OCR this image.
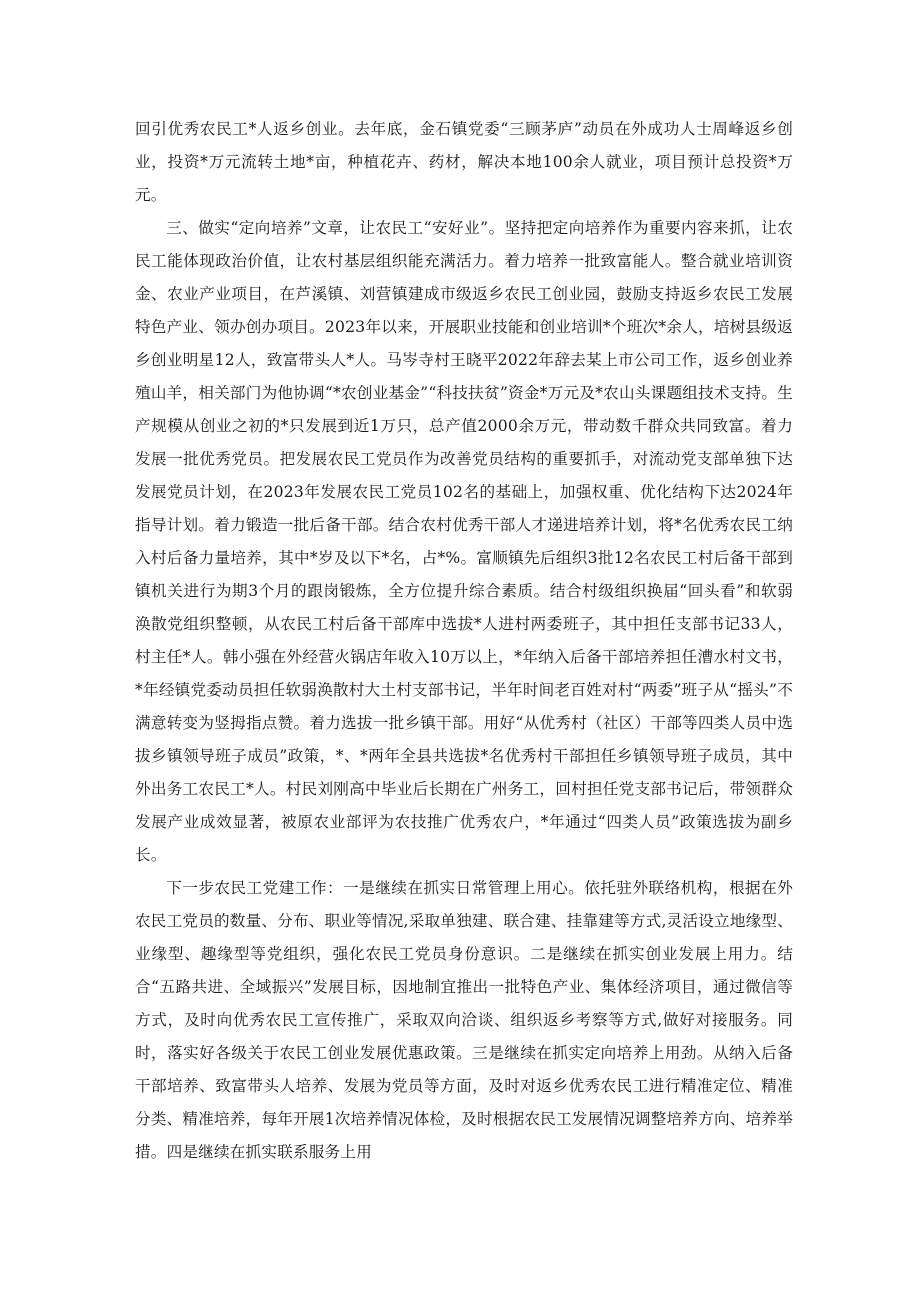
回引优秀农民工*人返乡创业。去年底，金石镇党委“三顾茅庐”动员在外成功人士周峰返乡创业，投资*万元流转土地*亩，种植花卉、药材，解决本地100余人就业，项目预计总投资*万元。

三、做实“定向培养”文章，让农民工“安好业”。坚持把定向培养作为重要内容来抓，让农民工能体现政治价值，让农村基层组织能充满活力。着力培养一批致富能人。整合就业培训资金、农业产业项目，在芦溪镇、刘营镇建成市级返乡农民工创业园，鼓励支持返乡农民工发展特色产业、领办创办项目。2023年以来，开展职业技能和创业培训*个班次*余人，培树县级返乡创业明星12人，致富带头人*人。马岑寺村王晓平2022年辞去某上市公司工作，返乡创业养殖山羊，相关部门为他协调“*农创业基金”“科技扶贫”资金*万元及*农山头课题组技术支持。生产规模从创业之初的*只发展到近1万只，总产值2000余万元，带动数千群众共同致富。着力发展一批优秀党员。把发展农民工党员作为改善党员结构的重要抓手，对流动党支部单独下达发展党员计划，在2023年发展农民工党员102名的基础上，加强权重、优化结构下达2024年指导计划。着力锻造一批后备干部。结合农村优秀干部人才递进培养计划，将*名优秀农民工纳入村后备力量培养，其中*岁及以下*名，占*%。富顺镇先后组织3批12名农民工村后备干部到镇机关进行为期3个月的跟岗锻炼，全方位提升综合素质。结合村级组织换届“回头看”和软弱涣散党组织整顿，从农民工村后备干部库中选拔*人进村两委班子，其中担任支部书记33人，村主任*人。韩小强在外经营火锅店年收入10万以上，*年纳入后备干部培养担任漕水村文书，*年经镇党委动员担任软弱涣散村大土村支部书记，半年时间老百姓对村“两委”班子从“摇头”不满意转变为竖拇指点赞。着力选拔一批乡镇干部。用好“从优秀村（社区）干部等四类人员中选拔乡镇领导班子成员”政策，*、*两年全县共选拔*名优秀村干部担任乡镇领导班子成员，其中外出务工农民工*人。村民刘刚高中毕业后长期在广州务工，回村担任党支部书记后，带领群众发展产业成效显著，被原农业部评为农技推广优秀农户，*年通过“四类人员”政策选拔为副乡长。

下一步农民工党建工作：一是继续在抓实日常管理上用心。依托驻外联络机构，根据在外农民工党员的数量、分布、职业等情况,采取单独建、联合建、挂靠建等方式,灵活设立地缘型、业缘型、趣缘型等党组织，强化农民工党员身份意识。二是继续在抓实创业发展上用力。结合“五路共进、全域振兴”发展目标，因地制宜推出一批特色产业、集体经济项目，通过微信等方式，及时向优秀农民工宣传推广，采取双向洽谈、组织返乡考察等方式,做好对接服务。同时，落实好各级关于农民工创业发展优惠政策。三是继续在抓实定向培养上用劲。从纳入后备干部培养、致富带头人培养、发展为党员等方面，及时对返乡优秀农民工进行精准定位、精准分类、精准培养，每年开展1次培养情况体检，及时根据农民工发展情况调整培养方向、培养举措。四是继续在抓实联系服务上用
